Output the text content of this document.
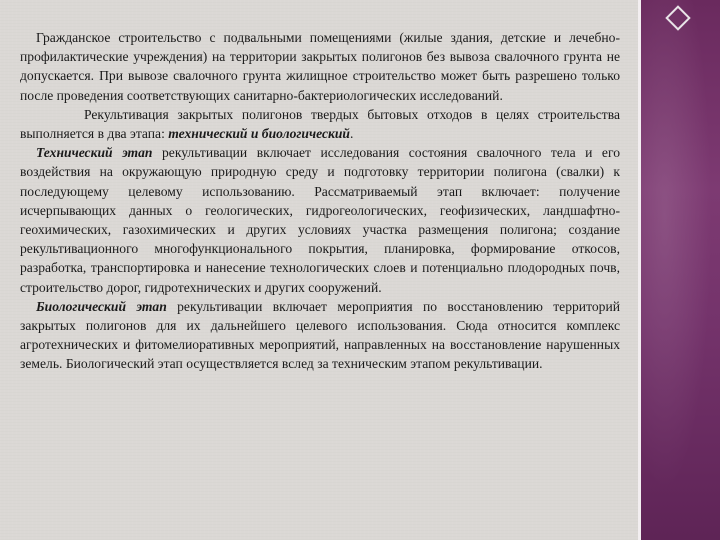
Гражданское строительство с подвальными помещениями (жилые здания, детские и лечебно-профилактические учреждения) на территории закрытых полигонов без вывоза свалочного грунта не допускается. При вывозе свалочного грунта жилищное строительство может быть разрешено только после проведения соответствующих санитарно-бактериологических исследований.

Рекультивация закрытых полигонов твердых бытовых отходов в целях строительства выполняется в два этапа: технический и биологический.

Технический этап рекультивации включает исследования состояния свалочного тела и его воздействия на окружающую природную среду и подготовку территории полигона (свалки) к последующему целевому использованию. Рассматриваемый этап включает: получение исчерпывающих данных о геологических, гидрогеологических, геофизических, ландшафтно-геохимических, газохимических и других условиях участка размещения полигона; создание рекультивационного многофункционального покрытия, планировка, формирование откосов, разработка, транспортировка и нанесение технологических слоев и потенциально плодородных почв, строительство дорог, гидротехнических и других сооружений.

Биологический этап рекультивации включает мероприятия по восстановлению территорий закрытых полигонов для их дальнейшего целевого использования. Сюда относится комплекс агротехнических и фитомелиоративных мероприятий, направленных на восстановление нарушенных земель. Биологический этап осуществляется вслед за техническим этапом рекультивации.
